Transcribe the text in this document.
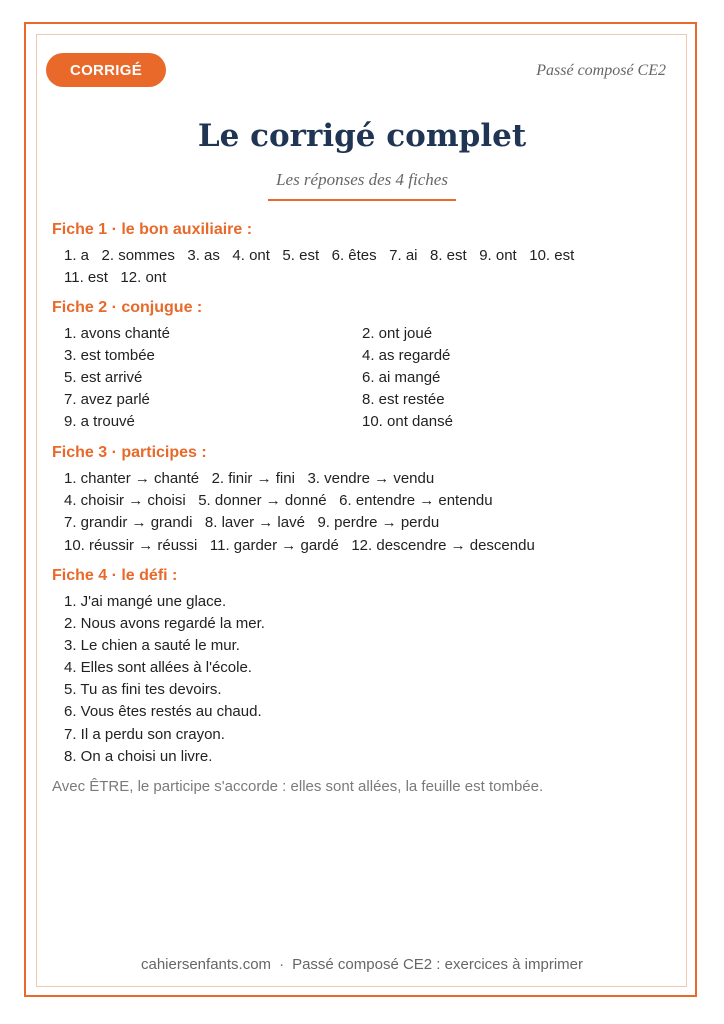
CORRIGÉ	Passé composé CE2
Le corrigé complet
Les réponses des 4 fiches
Fiche 1 · le bon auxiliaire :
1. a   2. sommes   3. as   4. ont   5. est   6. êtes   7. ai   8. est   9. ont   10. est
11. est   12. ont
Fiche 2 · conjugue :
1. avons chanté	2. ont joué
3. est tombée	4. as regardé
5. est arrivé	6. ai mangé
7. avez parlé	8. est restée
9. a trouvé	10. ont dansé
Fiche 3 · participes :
1. chanter → chanté   2. finir → fini   3. vendre → vendu
4. choisir → choisi   5. donner → donné   6. entendre → entendu
7. grandir → grandi   8. laver → lavé   9. perdre → perdu
10. réussir → réussi   11. garder → gardé   12. descendre → descendu
Fiche 4 · le défi :
1. J'ai mangé une glace.
2. Nous avons regardé la mer.
3. Le chien a sauté le mur.
4. Elles sont allées à l'école.
5. Tu as fini tes devoirs.
6. Vous êtes restés au chaud.
7. Il a perdu son crayon.
8. On a choisi un livre.
Avec ÊTRE, le participe s'accorde : elles sont allées, la feuille est tombée.
cahiersenfants.com · Passé composé CE2 : exercices à imprimer
